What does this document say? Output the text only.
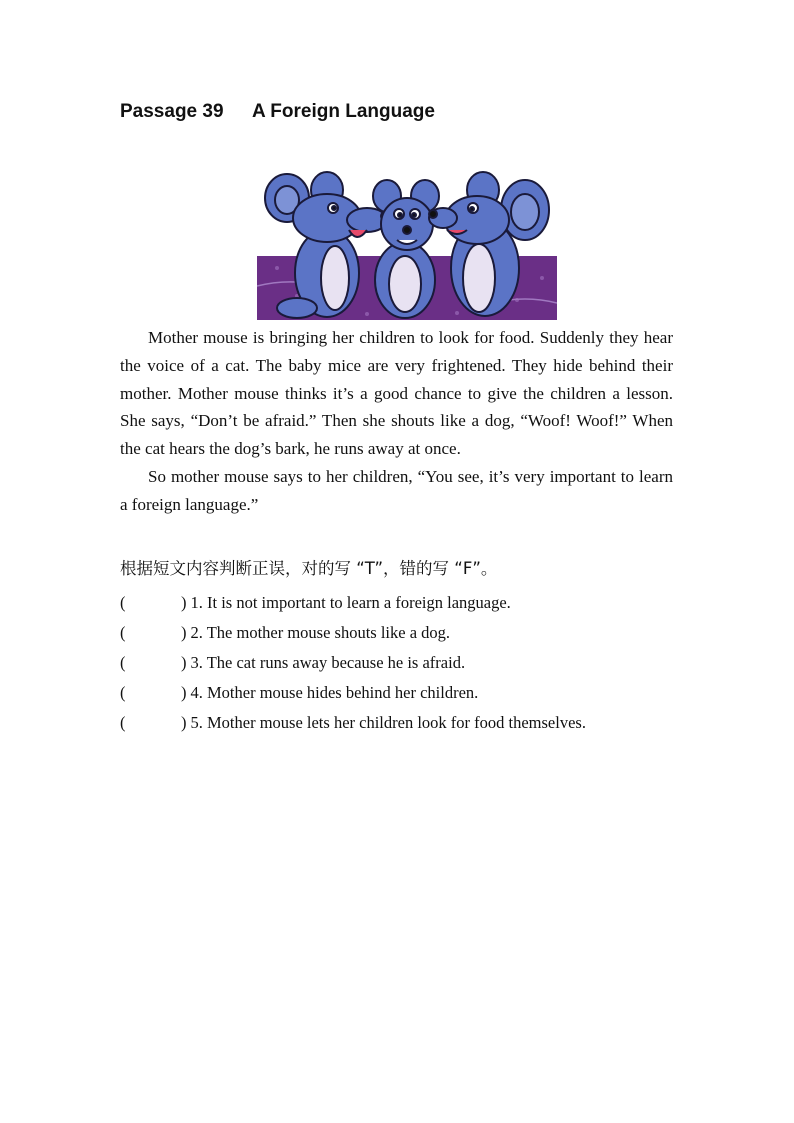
Passage 39 A Foreign Language

Mother mouse is bringing her children to look for food. Suddenly they hear the voice of a cat. The baby mice are very frightened. They hide behind their mother. Mother mouse thinks it’s a good chance to give the children a lesson. She says, “Don’t be afraid.” Then she shouts like a dog, “Woof! Woof!” When the cat hears the dog’s bark, he runs away at once.

So mother mouse says to her children, “You see, it’s very important to learn a foreign language.”

根据短文内容判断正误，对的写 “T”，错的写 “F”。
(	) 1. It is not important to learn a foreign language.
(	) 2. The mother mouse shouts like a dog.
(	) 3. The cat runs away because he is afraid.
(	) 4. Mother mouse hides behind her children.
(	) 5. Mother mouse lets her children look for food themselves.
